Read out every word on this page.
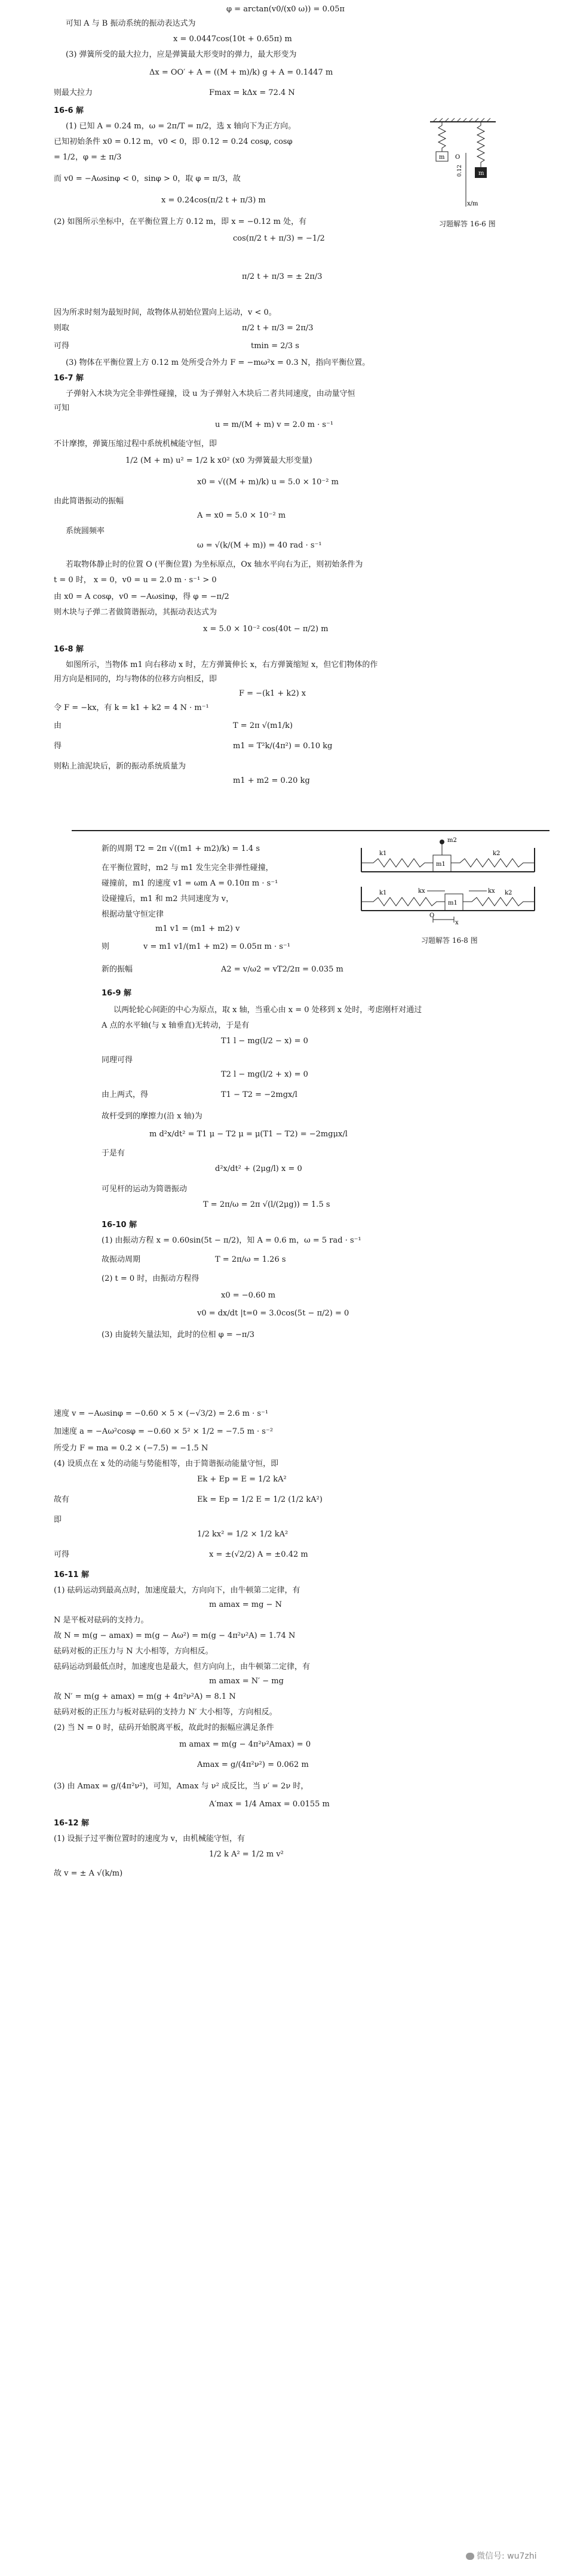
φ = arctan(v0/(x0 ω)) = 0.05π
可知 A 与 B 振动系统的振动表达式为
x = 0.0447cos(10t + 0.65π) m
(3) 弹簧所受的最大拉力，应是弹簧最大形变时的弹力，最大形变为
Δx = OO′ + A = ((M + m)/k) g + A = 0.1447 m
则最大拉力	Fmax = kΔx = 72.4 N
16-6 解
(1) 已知 A = 0.24 m，ω = 2π/T = π/2，选 x 轴向下为正方向。
已知初始条件 x0 = 0.12 m，v0 < 0，即 0.12 = 0.24 cosφ, cosφ
= 1/2，φ = ± π/3
而 v0 = −Aωsinφ < 0，sinφ > 0，取 φ = π/3，故
x = 0.24cos(π/2 t + π/3) m
(2) 如图所示坐标中，在平衡位置上方 0.12 m，即 x = −0.12 m 处，有
cos(π/2 t + π/3) = −1/2
m
m O
0.12
x/m
习题解答 16-6 图
π/2 t + π/3 = ± 2π/3
因为所求时刻为最短时间，故物体从初始位置向上运动，v < 0。
则取	π/2 t + π/3 = 2π/3
可得	tmin = 2/3 s
(3) 物体在平衡位置上方 0.12 m 处所受合外力 F = −mω²x = 0.3 N，指向平衡位置。
16-7 解
子弹射入木块为完全非弹性碰撞，设 u 为子弹射入木块后二者共同速度，由动量守恒
可知
u = m/(M + m) v = 2.0 m · s⁻¹
不计摩擦，弹簧压缩过程中系统机械能守恒，即
1/2 (M + m) u² = 1/2 k x0² (x0 为弹簧最大形变量)
x0 = √((M + m)/k) u = 5.0 × 10⁻² m
由此简谐振动的振幅
A = x0 = 5.0 × 10⁻² m
系统圆频率
ω = √(k/(M + m)) = 40 rad · s⁻¹
若取物体静止时的位置 O (平衡位置) 为坐标原点，Ox 轴水平向右为正，则初始条件为
t = 0 时， x = 0，v0 = u = 2.0 m · s⁻¹ > 0
由 x0 = A cosφ，v0 = −Aωsinφ，得 φ = −π/2
则木块与子弹二者做简谐振动，其振动表达式为
x = 5.0 × 10⁻² cos(40t − π/2) m
16-8 解
如图所示，当物体 m1 向右移动 x 时，左方弹簧伸长 x，右方弹簧缩短 x，但它们物体的作
用方向是相同的，均与物体的位移方向相反，即
F = −(k1 + k2) x
令 F = −kx，有 k = k1 + k2 = 4 N · m⁻¹
由	T = 2π √(m1/k)
得	m1 = T²k/(4π²) = 0.10 kg
则粘上油泥块后，新的振动系统质量为
m1 + m2 = 0.20 kg
新的周期 T2 = 2π √((m1 + m2)/k) = 1.4 s
在平衡位置时，m2 与 m1 发生完全非弹性碰撞，
碰撞前，m1 的速度 v1 = ωm A = 0.10π m · s⁻¹
设碰撞后，m1 和 m2 共同速度为 v，
根据动量守恒定律
m1 v1 = (m1 + m2) v
则	v = m1 v1/(m1 + m2) = 0.05π m · s⁻¹
新的振幅	A2 = v/ω2 = vT2/2π = 0.035 m
k1	k2
m1
m2
k1	k2
m1
kx	kx
O
x
习题解答 16-8 图
16-9 解
以两轮轮心间距的中心为原点，取 x 轴，当重心由 x = 0 处移到 x 处时，考虑刚杆对通过
A 点的水平轴(与 x 轴垂直)无转动，于是有
T1 l − mg(l/2 − x) = 0
同理可得
T2 l − mg(l/2 + x) = 0
由上两式，得	T1 − T2 = −2mgx/l
故杆受到的摩擦力(沿 x 轴)为
m d²x/dt² = T1 μ − T2 μ = μ(T1 − T2) = −2mgμx/l
于是有
d²x/dt² + (2μg/l) x = 0
可见杆的运动为简谐振动
T = 2π/ω = 2π √(l/(2μg)) = 1.5 s
16-10 解
(1) 由振动方程 x = 0.60sin(5t − π/2)，知 A = 0.6 m，ω = 5 rad · s⁻¹
故振动周期	T = 2π/ω = 1.26 s
(2) t = 0 时，由振动方程得
x0 = −0.60 m
v0 = dx/dt |t=0 = 3.0cos(5t − π/2) = 0
(3) 由旋转矢量法知，此时的位相 φ = −π/3
速度 v = −Aωsinφ = −0.60 × 5 × (−√3/2) = 2.6 m · s⁻¹
加速度 a = −Aω²cosφ = −0.60 × 5² × 1/2 = −7.5 m · s⁻²
所受力 F = ma = 0.2 × (−7.5) = −1.5 N
(4) 设质点在 x 处的动能与势能相等，由于简谐振动能量守恒，即
Ek + Ep = E = 1/2 kA²
故有	Ek = Ep = 1/2 E = 1/2 (1/2 kA²)
即
1/2 kx² = 1/2 × 1/2 kA²
可得	x = ±(√2/2) A = ±0.42 m
16-11 解
(1) 砝码运动到最高点时，加速度最大，方向向下，由牛顿第二定律，有
m amax = mg − N
N 是平板对砝码的支持力。
故 N = m(g − amax) = m(g − Aω²) = m(g − 4π²ν²A) = 1.74 N
砝码对板的正压力与 N 大小相等，方向相反。
砝码运动到最低点时，加速度也是最大，但方向向上，由牛顿第二定律，有
m amax = N′ − mg
故 N′ = m(g + amax) = m(g + 4π²ν²A) = 8.1 N
砝码对板的正压力与板对砝码的支持力 N′ 大小相等，方向相反。
(2) 当 N = 0 时，砝码开始脱离平板，故此时的振幅应满足条件
m amax = m(g − 4π²ν²Amax) = 0
Amax = g/(4π²ν²) = 0.062 m
(3) 由 Amax = g/(4π²ν²)，可知，Amax 与 ν² 成反比，当 ν′ = 2ν 时，
A′max = 1/4 Amax = 0.0155 m
16-12 解
(1) 设振子过平衡位置时的速度为 v，由机械能守恒，有
1/2 k A² = 1/2 m v²
故 v = ± A √(k/m)
微信号: wu7zhi
